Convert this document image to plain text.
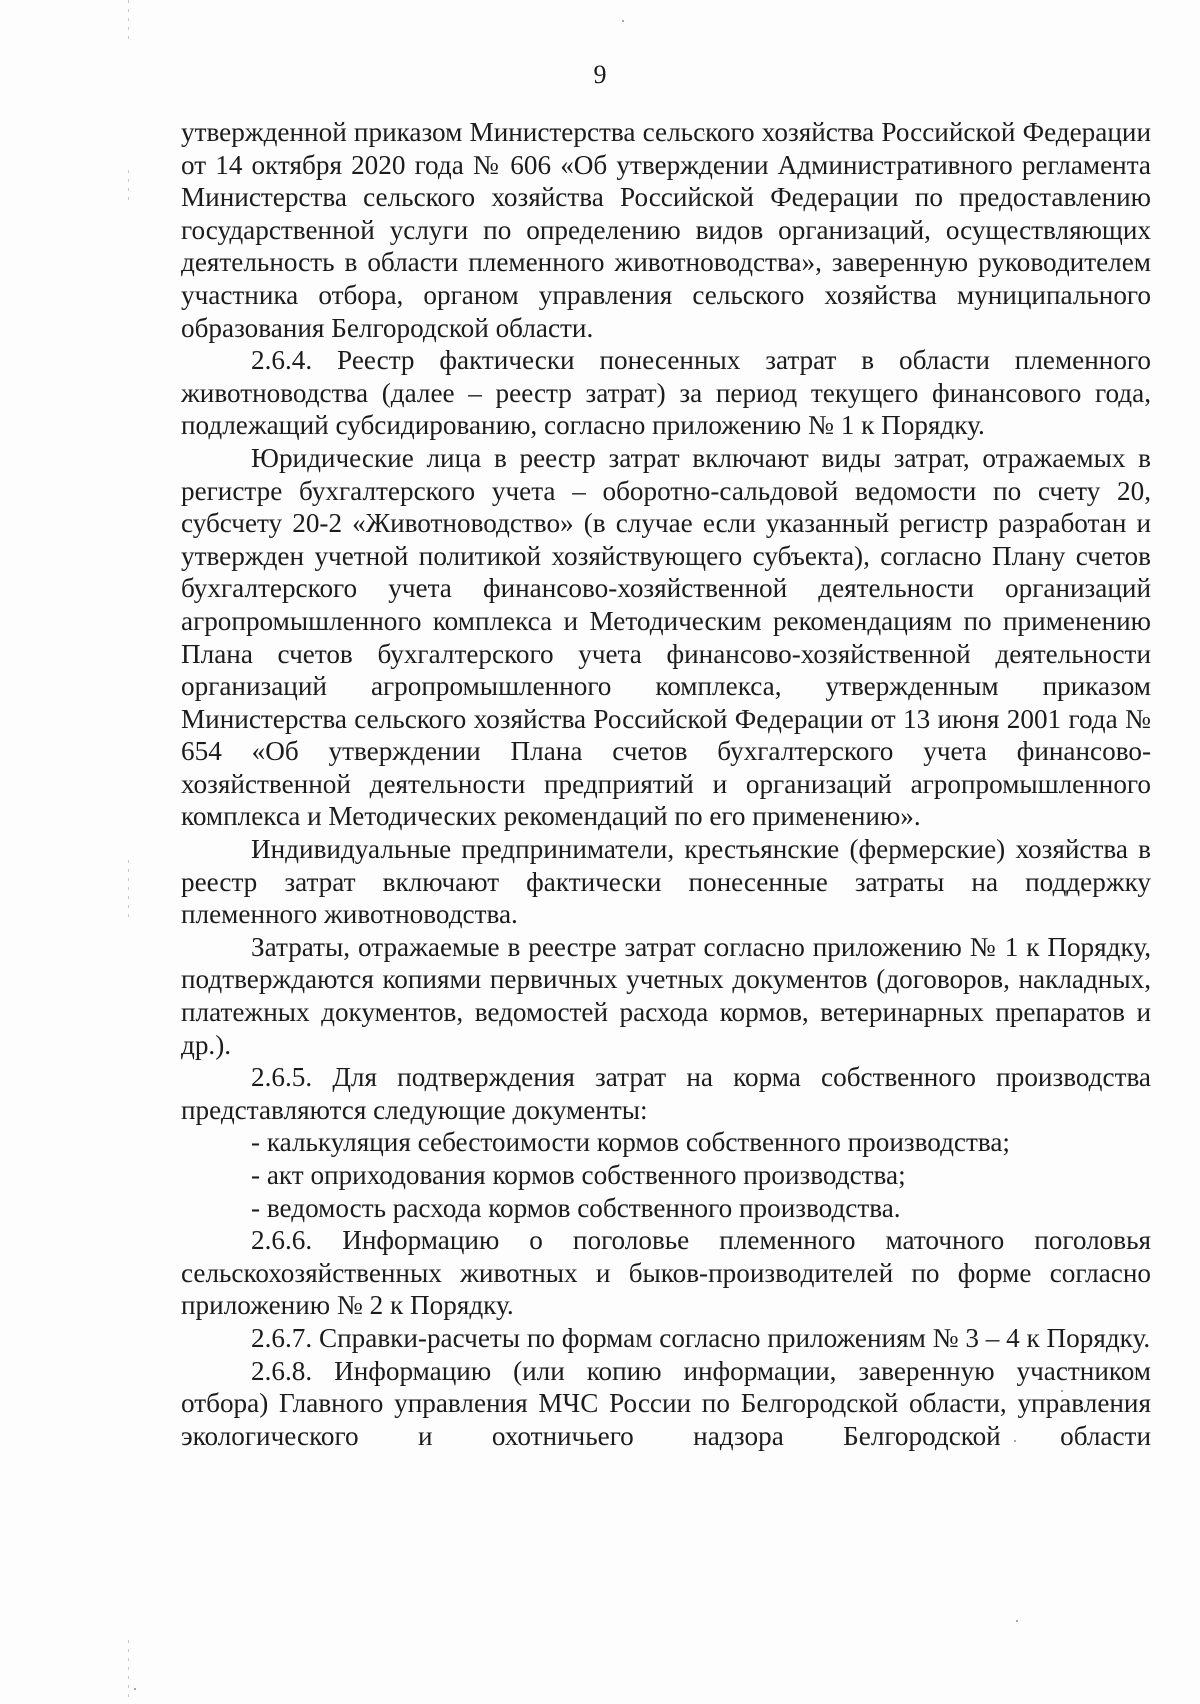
9

утвержденной приказом Министерства сельского хозяйства Российской Федерации от 14 октября 2020 года № 606 «Об утверждении Административного регламента Министерства сельского хозяйства Российской Федерации по предоставлению государственной услуги по определению видов организаций, осуществляющих деятельность в области племенного животноводства», заверенную руководителем участника отбора, органом управления сельского хозяйства муниципального образования Белгородской области.

2.6.4. Реестр фактически понесенных затрат в области племенного животноводства (далее – реестр затрат) за период текущего финансового года, подлежащий субсидированию, согласно приложению № 1 к Порядку.

Юридические лица в реестр затрат включают виды затрат, отражаемых в регистре бухгалтерского учета – оборотно-сальдовой ведомости по счету 20, субсчету 20-2 «Животноводство» (в случае если указанный регистр разработан и утвержден учетной политикой хозяйствующего субъекта), согласно Плану счетов бухгалтерского учета финансово-хозяйственной деятельности организаций агропромышленного комплекса и Методическим рекомендациям по применению Плана счетов бухгалтерского учета финансово-хозяйственной деятельности организаций агропромышленного комплекса, утвержденным приказом Министерства сельского хозяйства Российской Федерации от 13 июня 2001 года № 654 «Об утверждении Плана счетов бухгалтерского учета финансово-хозяйственной деятельности предприятий и организаций агропромышленного комплекса и Методических рекомендаций по его применению».

Индивидуальные предприниматели, крестьянские (фермерские) хозяйства в реестр затрат включают фактически понесенные затраты на поддержку племенного животноводства.

Затраты, отражаемые в реестре затрат согласно приложению № 1 к Порядку, подтверждаются копиями первичных учетных документов (договоров, накладных, платежных документов, ведомостей расхода кормов, ветеринарных препаратов и др.).

2.6.5. Для подтверждения затрат на корма собственного производства представляются следующие документы:

- калькуляция себестоимости кормов собственного производства;

- акт оприходования кормов собственного производства;

- ведомость расхода кормов собственного производства.

2.6.6. Информацию о поголовье племенного маточного поголовья сельскохозяйственных животных и быков-производителей по форме согласно приложению № 2 к Порядку.

2.6.7. Справки-расчеты по формам согласно приложениям № 3 – 4 к Порядку.

2.6.8. Информацию (или копию информации, заверенную участником отбора) Главного управления МЧС России по Белгородской области, управления экологического и охотничьего надзора Белгородской области
